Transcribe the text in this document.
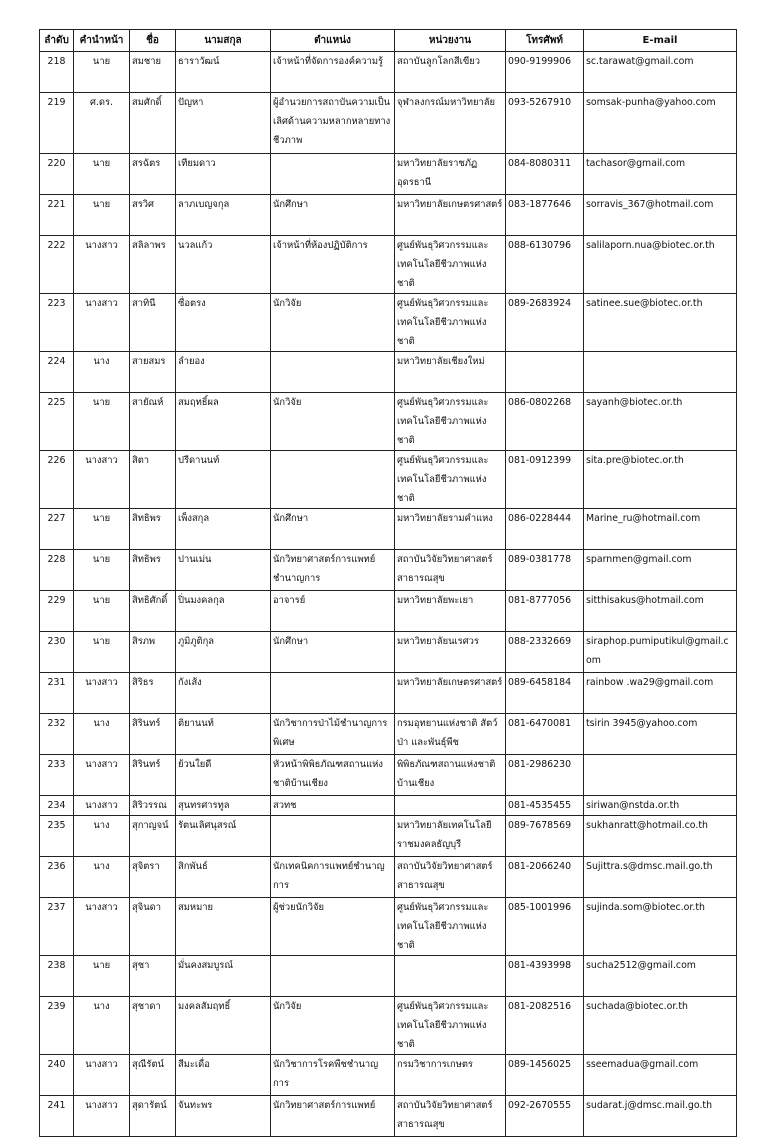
ลำดับ	คำนำหน้า	ชื่อ	นามสกุล	ตำแหน่ง	หน่วยงาน	โทรศัพท์	E-mail
218	นาย	สมชาย	ธาราวัฒน์	เจ้าหน้าที่จัดการองค์ความรู้	สถาบันลูกโลกสีเขียว	090-9199906	sc.tarawat@gmail.com
219	ศ.ดร.	สมศักดิ์	ปัญหา	ผู้อำนวยการสถาบันความเป็นเลิศด้านความหลากหลายทางชีวภาพ	จุฬาลงกรณ์มหาวิทยาลัย	093-5267910	somsak-punha@yahoo.com
220	นาย	สรฉัตร	เทียมดาว		มหาวิทยาลัยราชภัฏอุดรธานี	084-8080311	tachasor@gmail.com
221	นาย	สรวิศ	ลาภเบญจกุล	นักศึกษา	มหาวิทยาลัยเกษตรศาสตร์	083-1877646	sorravis_367@hotmail.com
222	นางสาว	สลิลาพร	นวลแก้ว	เจ้าหน้าที่ห้องปฏิบัติการ	ศูนย์พันธุวิศวกรรมและเทคโนโลยีชีวภาพแห่งชาติ	088-6130796	salilaporn.nua@biotec.or.th
223	นางสาว	สาทินี	ซื่อตรง	นักวิจัย	ศูนย์พันธุวิศวกรรมและเทคโนโลยีชีวภาพแห่งชาติ	089-2683924	satinee.sue@biotec.or.th
224	นาง	สายสมร	ลำยอง		มหาวิทยาลัยเชียงใหม่		
225	นาย	สายัณห์	สมฤทธิ์ผล	นักวิจัย	ศูนย์พันธุวิศวกรรมและเทคโนโลยีชีวภาพแห่งชาติ	086-0802268	sayanh@biotec.or.th
226	นางสาว	สิตา	ปรีดานนท์		ศูนย์พันธุวิศวกรรมและเทคโนโลยีชีวภาพแห่งชาติ	081-0912399	sita.pre@biotec.or.th
227	นาย	สิทธิพร	เพ็งสกุล	นักศึกษา	มหาวิทยาลัยรามคำแหง	086-0228444	Marine_ru@hotmail.com
228	นาย	สิทธิพร	ปานเม่น	นักวิทยาศาสตร์การแพทย์ชำนาญการ	สถาบันวิจัยวิทยาศาสตร์สาธารณสุข	089-0381778	sparnmen@gmail.com
229	นาย	สิทธิศักดิ์	ปิ่นมงคลกุล	อาจารย์	มหาวิทยาลัยพะเยา	081-8777056	sitthisakus@hotmail.com
230	นาย	สิรภพ	ภูมิภูติกุล	นักศึกษา	มหาวิทยาลัยนเรศวร	088-2332669	siraphop.pumiputikul@gmail.com
231	นางสาว	สิริธร	กังเส้ง		มหาวิทยาลัยเกษตรศาสตร์	089-6458184	rainbow .wa29@gmail.com
232	นาง	สิรินทร์	ติยานนท์	นักวิชาการป่าไม้ชำนาญการพิเศษ	กรมอุทยานแห่งชาติ สัตว์ป่า และพันธุ์พืช	081-6470081	tsirin 3945@yahoo.com
233	นางสาว	สิรินทร์	ย้วนใยดี	หัวหน้าพิพิธภัณฑสถานแห่งชาติบ้านเชียง	พิพิธภัณฑสถานแห่งชาติบ้านเชียง	081-2986230	
234	นางสาว	สิริวรรณ	สุนทรศารทูล	สวทช		081-4535455	siriwan@nstda.or.th
235	นาง	สุกาญจน์	รัตนเลิศนุสรณ์		มหาวิทยาลัยเทคโนโลยีราชมงคลธัญบุรี	089-7678569	sukhanratt@hotmail.co.th
236	นาง	สุจิตรา	สิกพันธ์	นักเทคนิคการแพทย์ชำนาญการ	สถาบันวิจัยวิทยาศาสตร์สาธารณสุข	081-2066240	Sujittra.s@dmsc.mail.go.th
237	นางสาว	สุจินดา	สมหมาย	ผู้ช่วยนักวิจัย	ศูนย์พันธุวิศวกรรมและเทคโนโลยีชีวภาพแห่งชาติ	085-1001996	sujinda.som@biotec.or.th
238	นาย	สุชา	มั่นคงสมบูรณ์			081-4393998	sucha2512@gmail.com
239	นาง	สุชาดา	มงคลสัมฤทธิ์	นักวิจัย	ศูนย์พันธุวิศวกรรมและเทคโนโลยีชีวภาพแห่งชาติ	081-2082516	suchada@biotec.or.th
240	นางสาว	สุณีรัตน์	สีมะเดื่อ	นักวิชาการโรคพืชชำนาญการ	กรมวิชาการเกษตร	089-1456025	sseemadua@gmail.com
241	นางสาว	สุดารัตน์	จันทะพร	นักวิทยาศาสตร์การแพทย์	สถาบันวิจัยวิทยาศาสตร์สาธารณสุข	092-2670555	sudarat.j@dmsc.mail.go.th
